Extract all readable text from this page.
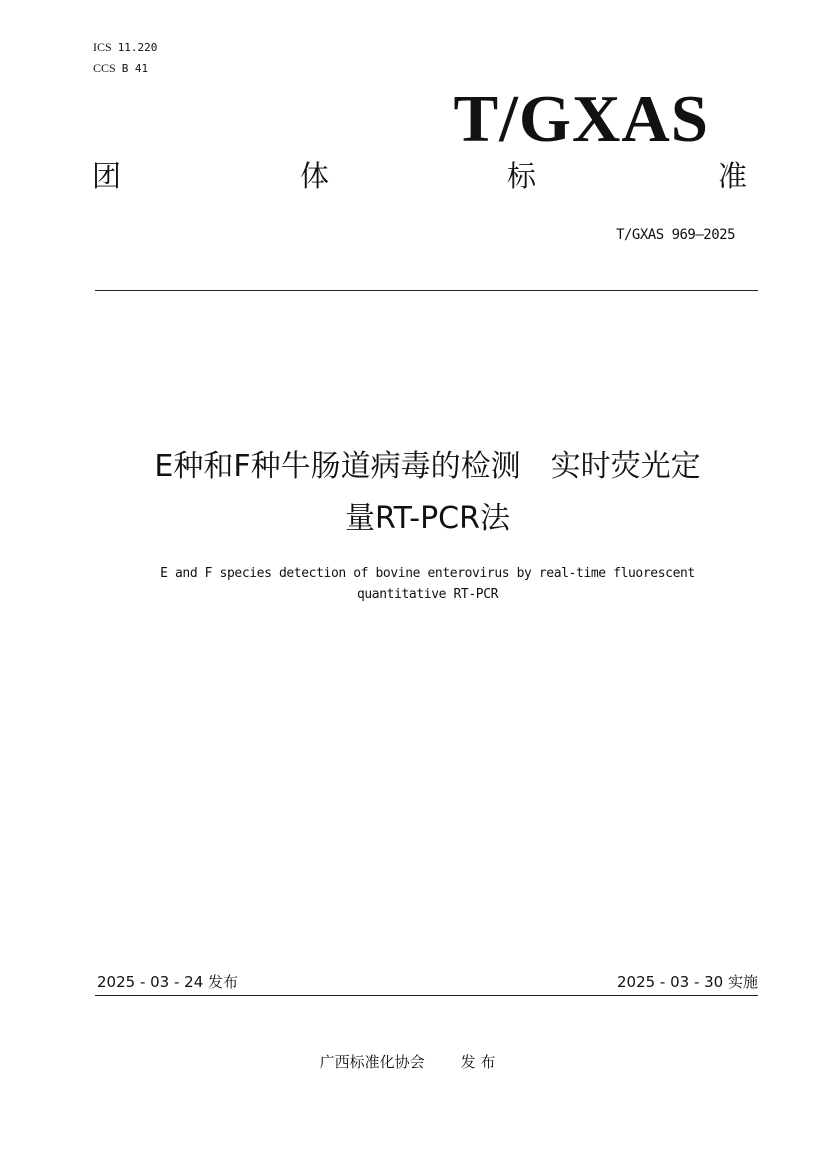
ICS 11.220
CCS B 41
T/GXAS
团	体	标	准
T/GXAS 969—2025
E种和F种牛肠道病毒的检测　实时荧光定
量RT-PCR法
E and F species detection of bovine enterovirus by real-time fluorescent
quantitative RT-PCR
2025 - 03 - 24 发布	2025 - 03 - 30 实施
广西标准化协会 发 布
